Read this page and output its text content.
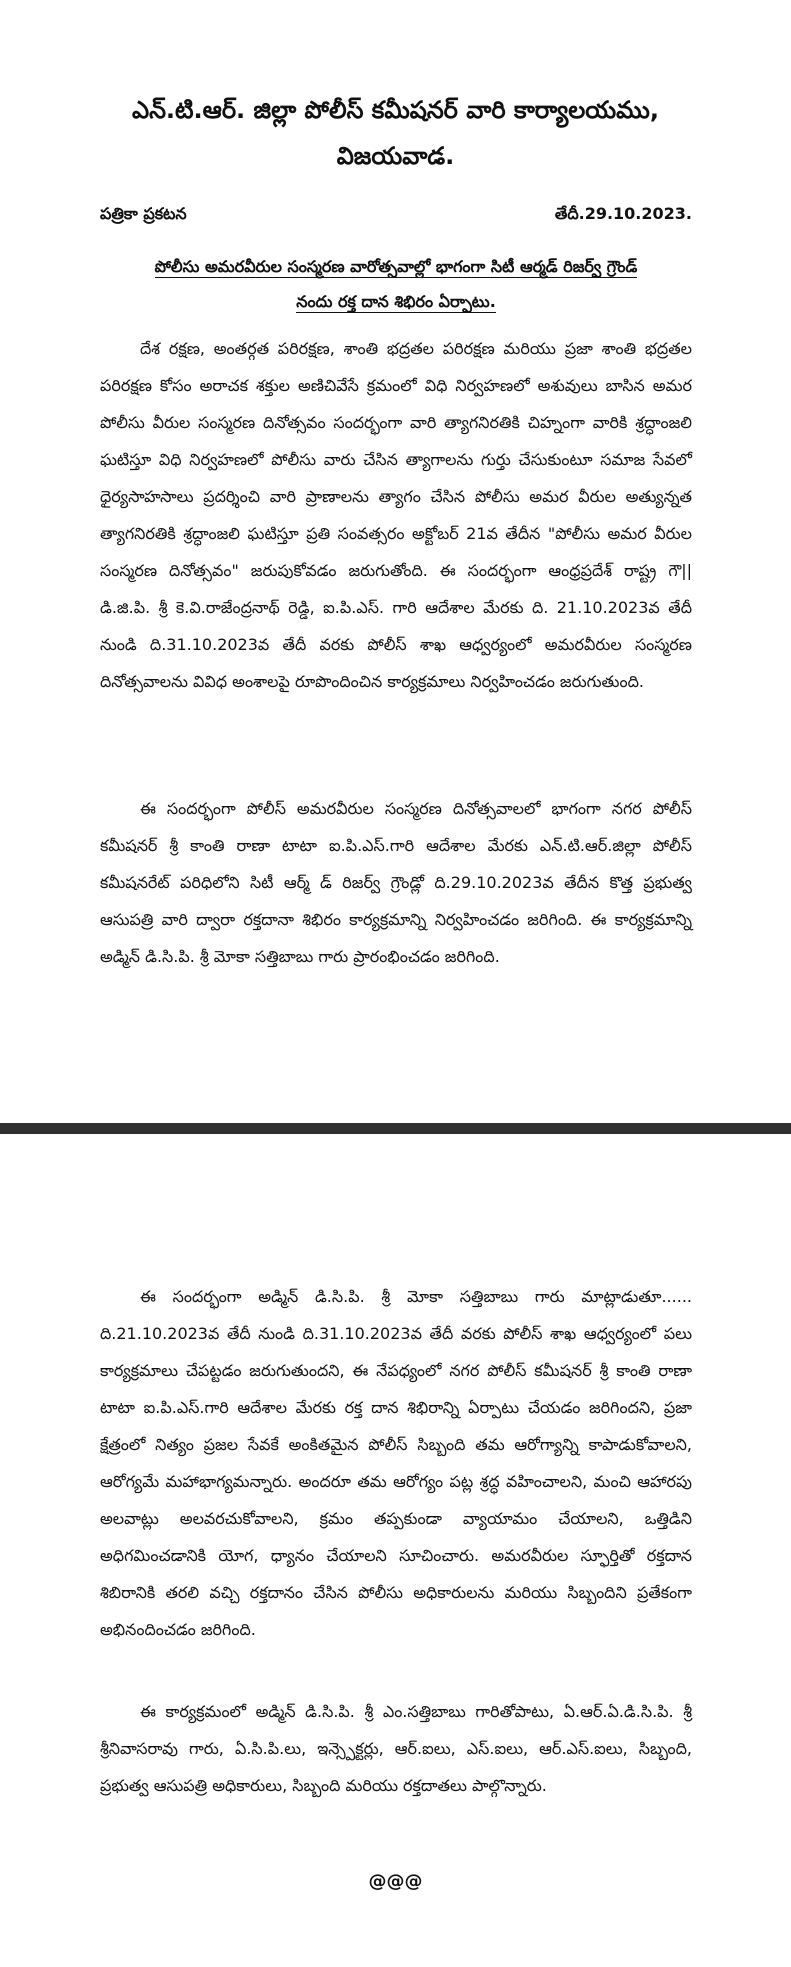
ఎన్.టి.ఆర్. జిల్లా పోలీస్ కమీషనర్ వారి కార్యాలయము,
విజయవాడ.
పత్రికా ప్రకటన	తేదీ.29.10.2023.
పోలీసు అమరవీరుల సంస్మరణ వారోత్సవాల్లో భాగంగా సిటీ ఆర్మడ్ రిజర్వ్ గ్రౌండ్
నందు రక్త దాన శిభిరం ఏర్పాటు.

దేశ రక్షణ, అంతర్గత పరిరక్షణ, శాంతి భద్రతల పరిరక్షణ మరియు ప్రజా శాంతి భద్రతల పరిరక్షణ కోసం అరాచక శక్తుల అణిచివేసే క్రమంలో విధి నిర్వహణలో అశువులు బాసిన అమర పోలీసు వీరుల సంస్మరణ దినోత్సవం సందర్భంగా వారి త్యాగనిరతికి చిహ్నంగా వారికి శ్రద్ధాంజలి ఘటిస్తూ విధి నిర్వహణలో పోలీసు వారు చేసిన త్యాగాలను గుర్తు చేసుకుంటూ సమాజ సేవలో ధైర్యసాహసాలు ప్రదర్శించి వారి ప్రాణాలను త్యాగం చేసిన పోలీసు అమర వీరుల అత్యున్నత త్యాగనిరతికి శ్రద్ధాంజలి ఘటిస్తూ ప్రతి సంవత్సరం అక్టోబర్ 21వ తేదీన "పోలీసు అమర వీరుల సంస్మరణ దినోత్సవం" జరుపుకోవడం జరుగుతోంది. ఈ సందర్భంగా ఆంధ్రప్రదేశ్ రాష్ట్ర గౌ|| డి.జి.పి. శ్రీ కె.వి.రాజేంద్రనాథ్ రెడ్డి, ఐ.పి.ఎస్. గారి ఆదేశాల మేరకు ది. 21.10.2023వ తేదీ నుండి ది.31.10.2023వ తేదీ వరకు పోలీస్ శాఖ ఆధ్వర్యంలో అమరవీరుల సంస్మరణ దినోత్సవాలను వివిధ అంశాలపై రూపొందించిన కార్యక్రమాలు నిర్వహించడం జరుగుతుంది.

ఈ సందర్భంగా పోలీస్ అమరవీరుల సంస్మరణ దినోత్సవాలలో భాగంగా నగర పోలీస్ కమీషనర్ శ్రీ కాంతి రాణా టాటా ఐ.పి.ఎస్.గారి ఆదేశాల మేరకు ఎన్.టి.ఆర్.జిల్లా పోలీస్ కమీషనరేట్ పరిధిలోని సిటీ ఆర్మ్ డ్ రిజర్వ్ గ్రౌండ్లో ది.29.10.2023వ తేదీన కొత్త ప్రభుత్వ ఆసుపత్రి వారి ద్వారా రక్తదానా శిభిరం కార్యక్రమాన్ని నిర్వహించడం జరిగింది. ఈ కార్యక్రమాన్ని అడ్మిన్ డి.సి.పి. శ్రీ మోకా సత్తిబాబు గారు ప్రారంభించడం జరిగింది.

ఈ సందర్భంగా అడ్మిన్ డి.సి.పి. శ్రీ మోకా సత్తిబాబు గారు మాట్లాడుతూ...... ది.21.10.2023వ తేదీ నుండి ది.31.10.2023వ తేదీ వరకు పోలీస్ శాఖ ఆధ్వర్యంలో పలు కార్యక్రమాలు చేపట్టడం జరుగుతుందని, ఈ నేపధ్యంలో నగర పోలీస్ కమీషనర్ శ్రీ కాంతి రాణా టాటా ఐ.పి.ఎస్.గారి ఆదేశాల మేరకు రక్త దాన శిభిరాన్ని ఏర్పాటు చేయడం జరిగిందని, ప్రజా క్షేత్రంలో నిత్యం ప్రజల సేవకే అంకితమైన పోలీస్ సిబ్బంది తమ ఆరోగ్యాన్ని కాపాడుకోవాలని, ఆరోగ్యమే మహాభాగ్యమన్నారు. అందరూ తమ ఆరోగ్యం పట్ల శ్రద్ధ వహించాలని, మంచి ఆహారపు అలవాట్లు అలవరచుకోవాలని, క్రమం తప్పకుండా వ్యాయామం చేయాలని, ఒత్తిడిని అధిగమించడానికి యోగ, ధ్యానం చేయాలని సూచించారు. అమరవీరుల స్ఫూర్తితో రక్తదాన శిబిరానికి తరలి వచ్చి రక్తదానం చేసిన పోలీసు అధికారులను మరియు సిబ్బందిని ప్రతేకంగా అభినందించడం జరిగింది.

ఈ కార్యక్రమంలో అడ్మిన్ డి.సి.పి. శ్రీ ఎం.సత్తిబాబు గారితోపాటు, ఏ.ఆర్.ఏ.డి.సి.పి. శ్రీ శ్రీనివాసరావు గారు, ఏ.సి.పి.లు, ఇన్స్పెక్టర్లు, ఆర్.ఐలు, ఎస్.ఐలు, ఆర్.ఎస్.ఐలు, సిబ్బంది, ప్రభుత్వ ఆసుపత్రి అధికారులు, సిబ్బంది మరియు రక్తదాతలు పాల్గొన్నారు.

@@@
